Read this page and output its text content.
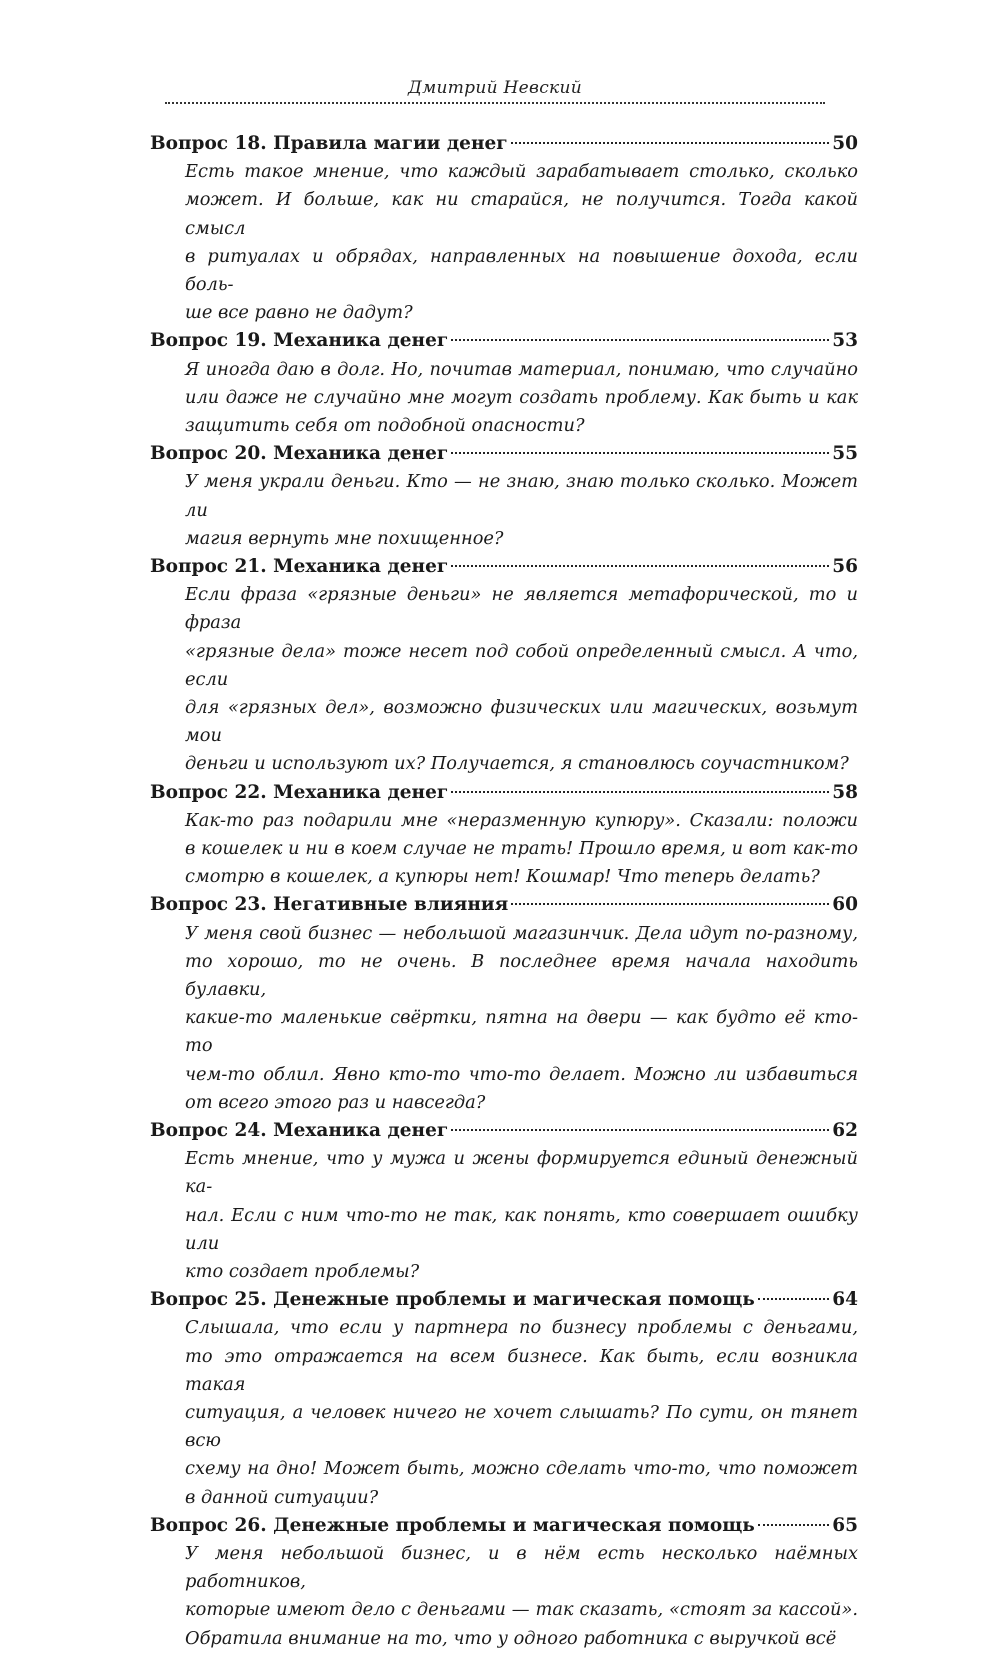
Дмитрий Невский
Вопрос 18. Правила магии денег	50
Есть такое мнение, что каждый зарабатывает столько, сколько
может. И больше, как ни старайся, не получится. Тогда какой смысл
в ритуалах и обрядах, направленных на повышение дохода, если боль-
ше все равно не дадут?
Вопрос 19. Механика денег	53
Я иногда даю в долг. Но, почитав материал, понимаю, что случайно
или даже не случайно мне могут создать проблему. Как быть и как
защитить себя от подобной опасности?
Вопрос 20. Механика денег	55
У меня украли деньги. Кто — не знаю, знаю только сколько. Может ли
магия вернуть мне похищенное?
Вопрос 21. Механика денег	56
Если фраза «грязные деньги» не является метафорической, то и фраза
«грязные дела» тоже несет под собой определенный смысл. А что, если
для «грязных дел», возможно физических или магических, возьмут мои
деньги и используют их? Получается, я становлюсь соучастником?
Вопрос 22. Механика денег	58
Как-то раз подарили мне «неразменную купюру». Сказали: положи
в кошелек и ни в коем случае не трать! Прошло время, и вот как-то
смотрю в кошелек, а купюры нет! Кошмар! Что теперь делать?
Вопрос 23. Негативные влияния	60
У меня свой бизнес — небольшой магазинчик. Дела идут по-разному,
то хорошо, то не очень. В последнее время начала находить булавки,
какие-то маленькие свёртки, пятна на двери — как будто её кто-то
чем-то облил. Явно кто-то что-то делает. Можно ли избавиться
от всего этого раз и навсегда?
Вопрос 24. Механика денег	62
Есть мнение, что у мужа и жены формируется единый денежный ка-
нал. Если с ним что-то не так, как понять, кто совершает ошибку или
кто создает проблемы?
Вопрос 25. Денежные проблемы и магическая помощь	64
Слышала, что если у партнера по бизнесу проблемы с деньгами,
то это отражается на всем бизнесе. Как быть, если возникла такая
ситуация, а человек ничего не хочет слышать? По сути, он тянет всю
схему на дно! Может быть, можно сделать что-то, что поможет
в данной ситуации?
Вопрос 26. Денежные проблемы и магическая помощь	65
У меня небольшой бизнес, и в нём есть несколько наёмных работников,
которые имеют дело с деньгами — так сказать, «стоят за кассой».
Обратила внимание на то, что у одного работника с выручкой всё
